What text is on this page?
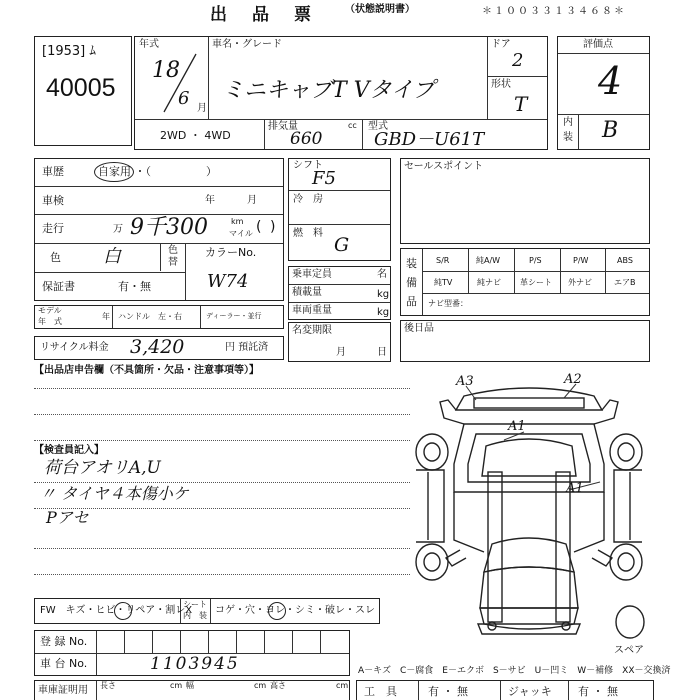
出　品　票	（状態説明書）	＊１００３３１３４６８＊
[1953] ﾑ
40005
年式
18
6 月
車名・グレード
ミニキャブT Vタイプ
ドア
2
形状
T
2WD ・ 4WD
排気量	cc
660
型式
GBD－U61T
評価点
4
内
装 B
車歴	自家用 ・（　　　　　）
車検	年	月
走行	万 9千300	km
マイル ( )
色 白	色
替
カラーNo.
W74
保証書	有・無
モデル
年　式
年 ハンドル　左・右	ディーラー・並行
リサイクル料金 3,420	円 預託済
シフト
F5
冷　房
燃　料
G
乗車定員	名
積載量	kg
車両重量	kg
名変期限
月	日
セールスポイント
装
備
品
S/R	純A/W	P/S	P/W	ABS
純TV	純ナビ 革シート 外ナビ	エアB
ナビ型番：
後日品
【出品店申告欄（不具箇所・欠品・注意事項等）】
【検査員記入】
荷台アオリA,U
〃 タイヤ４本傷小ケ
Pアセ
A3	A2
A1
A1
スペア
FW　キズ・ヒビ・リペア・割レX
シート
内　装 コゲ・穴・ヨレ・シミ・破レ・スレ
登 録 No.
車 台 No.	1103945	A－キズ　C－腐食　E－エクボ　S－サビ　U－凹ミ　W－補修　XX－交換済
車庫証明用 長さ	cm 幅	cm 高さ	cm 工　具	有 ・ 無	ジャッキ 有 ・ 無
